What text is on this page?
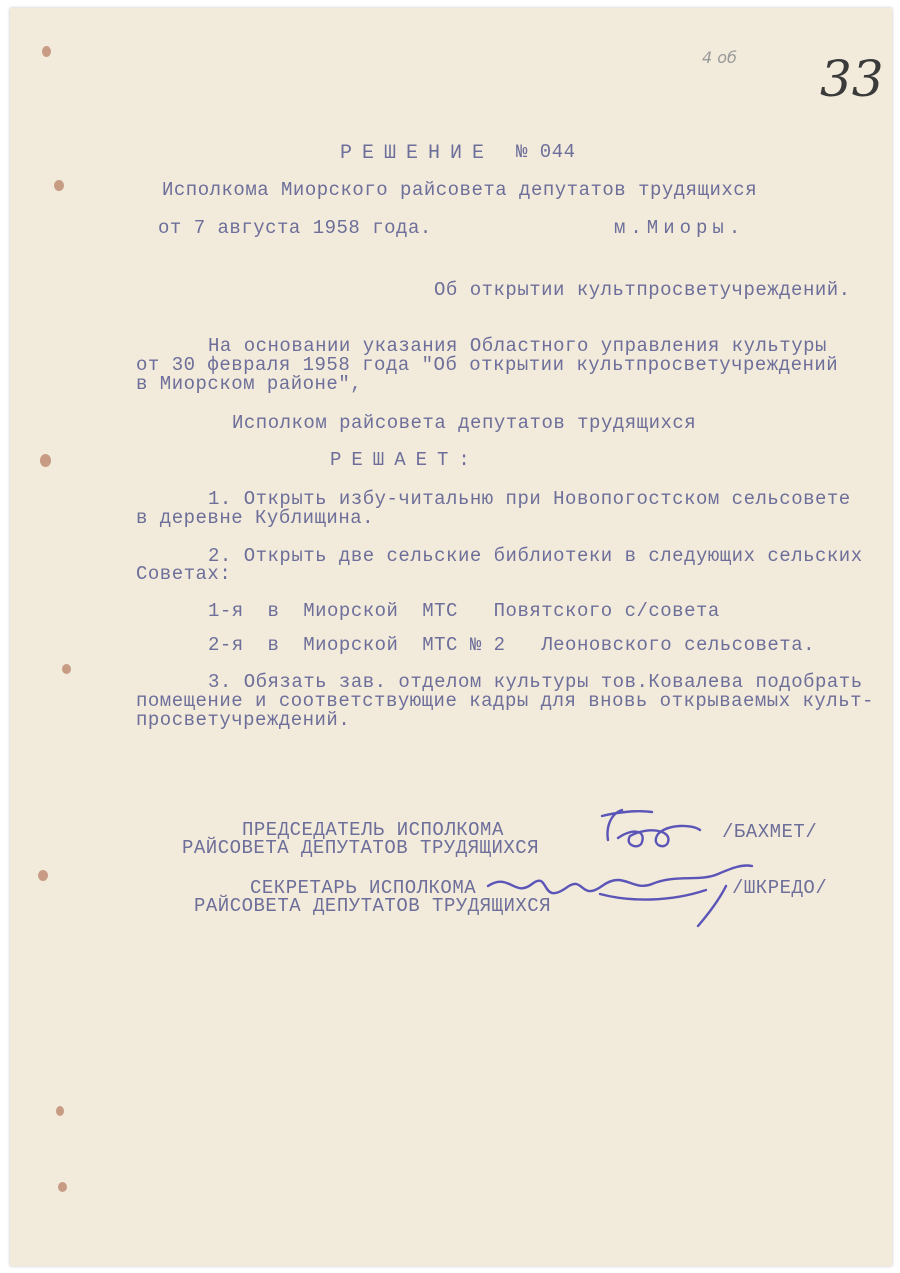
4 об 33
РЕШЕНИЕ № 044
Исполкома Миорского райсовета депутатов трудящихся
от 7 августа 1958 года.	м.Миоры.
Об открытии культпросветучреждений.
На основании указания Областного управления культуры
от 30 февраля 1958 года "Об открытии культпросветучреждений
в Миорском районе",
Исполком райсовета депутатов трудящихся
РЕШАЕТ:
1. Открыть избу-читальню при Новопогостском сельсовете
в деревне Кублищина.
2. Открыть две сельские библиотеки в следующих сельских
Советах:
1-я  в  Миорской  МТС   Повятского с/совета
2-я  в  Миорской  МТС № 2   Леоновского сельсовета.
3. Обязать зав. отделом культуры тов.Ковалева подобрать
помещение и соответствующие кадры для вновь открываемых культ-
просветучреждений.
ПРЕДСЕДАТЕЛЬ ИСПОЛКОМА
РАЙСОВЕТА ДЕПУТАТОВ ТРУДЯЩИХСЯ
/БАХМЕТ/
СЕКРЕТАРЬ ИСПОЛКОМА
РАЙСОВЕТА ДЕПУТАТОВ ТРУДЯЩИХСЯ
/ШКРЕДО/
